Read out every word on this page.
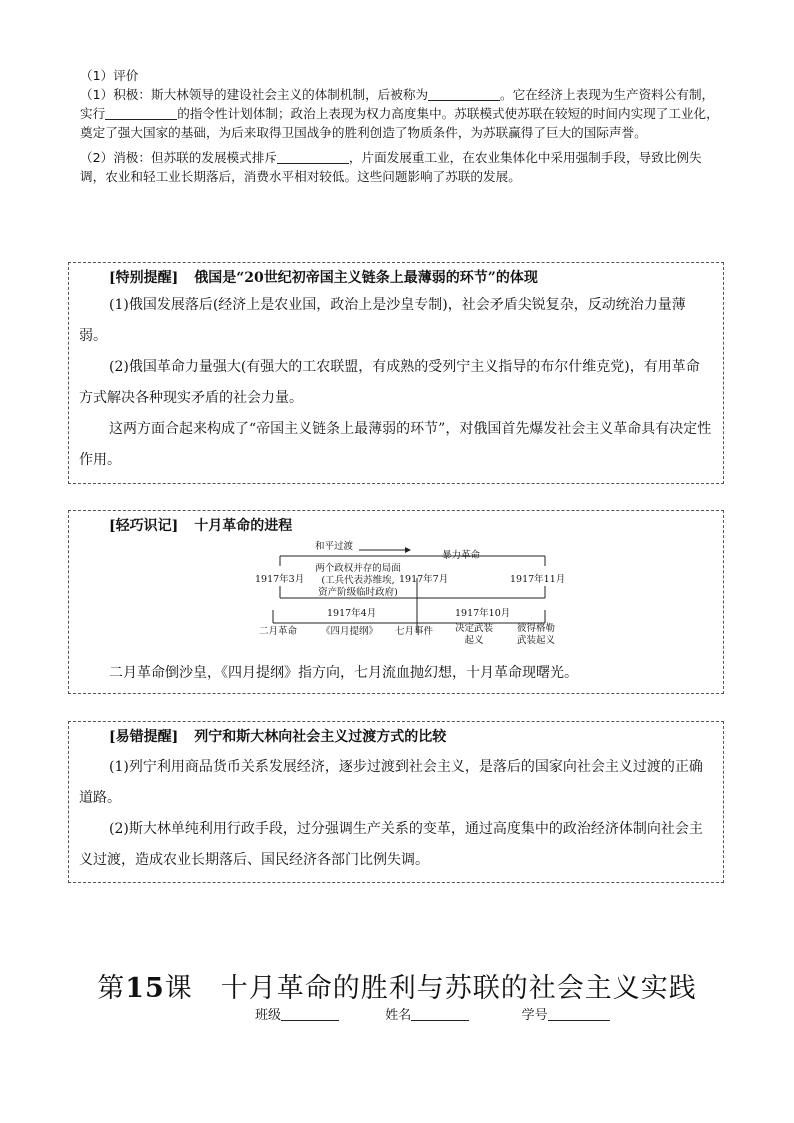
（1）评价

（1）积极：斯大林领导的建设社会主义的体制机制，后被称为	。它在经济上表现为生产资料公有制，实行	的指令性计划体制；政治上表现为权力高度集中。苏联模式使苏联在较短的时间内实现了工业化，奠定了强大国家的基础，为后来取得卫国战争的胜利创造了物质条件，为苏联赢得了巨大的国际声誉。

（2）消极：但苏联的发展模式排斥	，片面发展重工业，在农业集体化中采用强制手段，导致比例失调，农业和轻工业长期落后，消费水平相对较低。这些问题影响了苏联的发展。

[特别提醒] 俄国是“20世纪初帝国主义链条上最薄弱的环节”的体现
(1)俄国发展落后(经济上是农业国，政治上是沙皇专制)，社会矛盾尖锐复杂，反动统治力量薄弱。
(2)俄国革命力量强大(有强大的工农联盟，有成熟的受列宁主义指导的布尔什维克党)，有用革命方式解决各种现实矛盾的社会力量。
这两方面合起来构成了“帝国主义链条上最薄弱的环节”，对俄国首先爆发社会主义革命具有决定性作用。
[轻巧识记] 十月革命的进程
二月革命倒沙皇，《四月提纲》指方向，七月流血抛幻想，十月革命现曙光。
和平过渡
暴力革命
两个政权并存的局面
(工兵代表苏维埃,
资产阶级临时政府)
1917年3月	1917年7月	1917年11月
1917年4月	1917年10月
二月革命	《四月提纲》 七月事件 决定武装
起义
彼得格勒
武装起义
[易错提醒] 列宁和斯大林向社会主义过渡方式的比较
(1)列宁利用商品货币关系发展经济，逐步过渡到社会主义，是落后的国家向社会主义过渡的正确道路。
(2)斯大林单纯利用行政手段，过分强调生产关系的变革，通过高度集中的政治经济体制向社会主义过渡，造成农业长期落后、国民经济各部门比例失调。
第15课 十月革命的胜利与苏联的社会主义实践
班级	姓名	学号
